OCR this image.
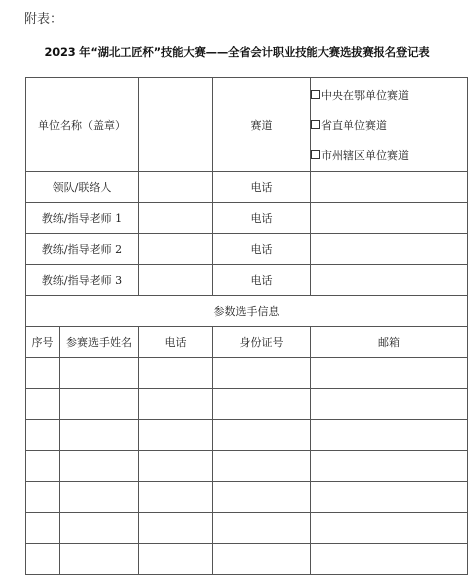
附表：
2023 年“湖北工匠杯”技能大赛——全省会计职业技能大赛选拔赛报名登记表
单位名称（盖章）			赛道	中央在鄂单位赛道
省直单位赛道
市州辖区单位赛道

领队/联络人			电话	
教练/指导老师 1			电话	
教练/指导老师 2			电话	
教练/指导老师 3			电话	
参数选手信息				
序号	参赛选手姓名	电话	身份证号	邮箱
